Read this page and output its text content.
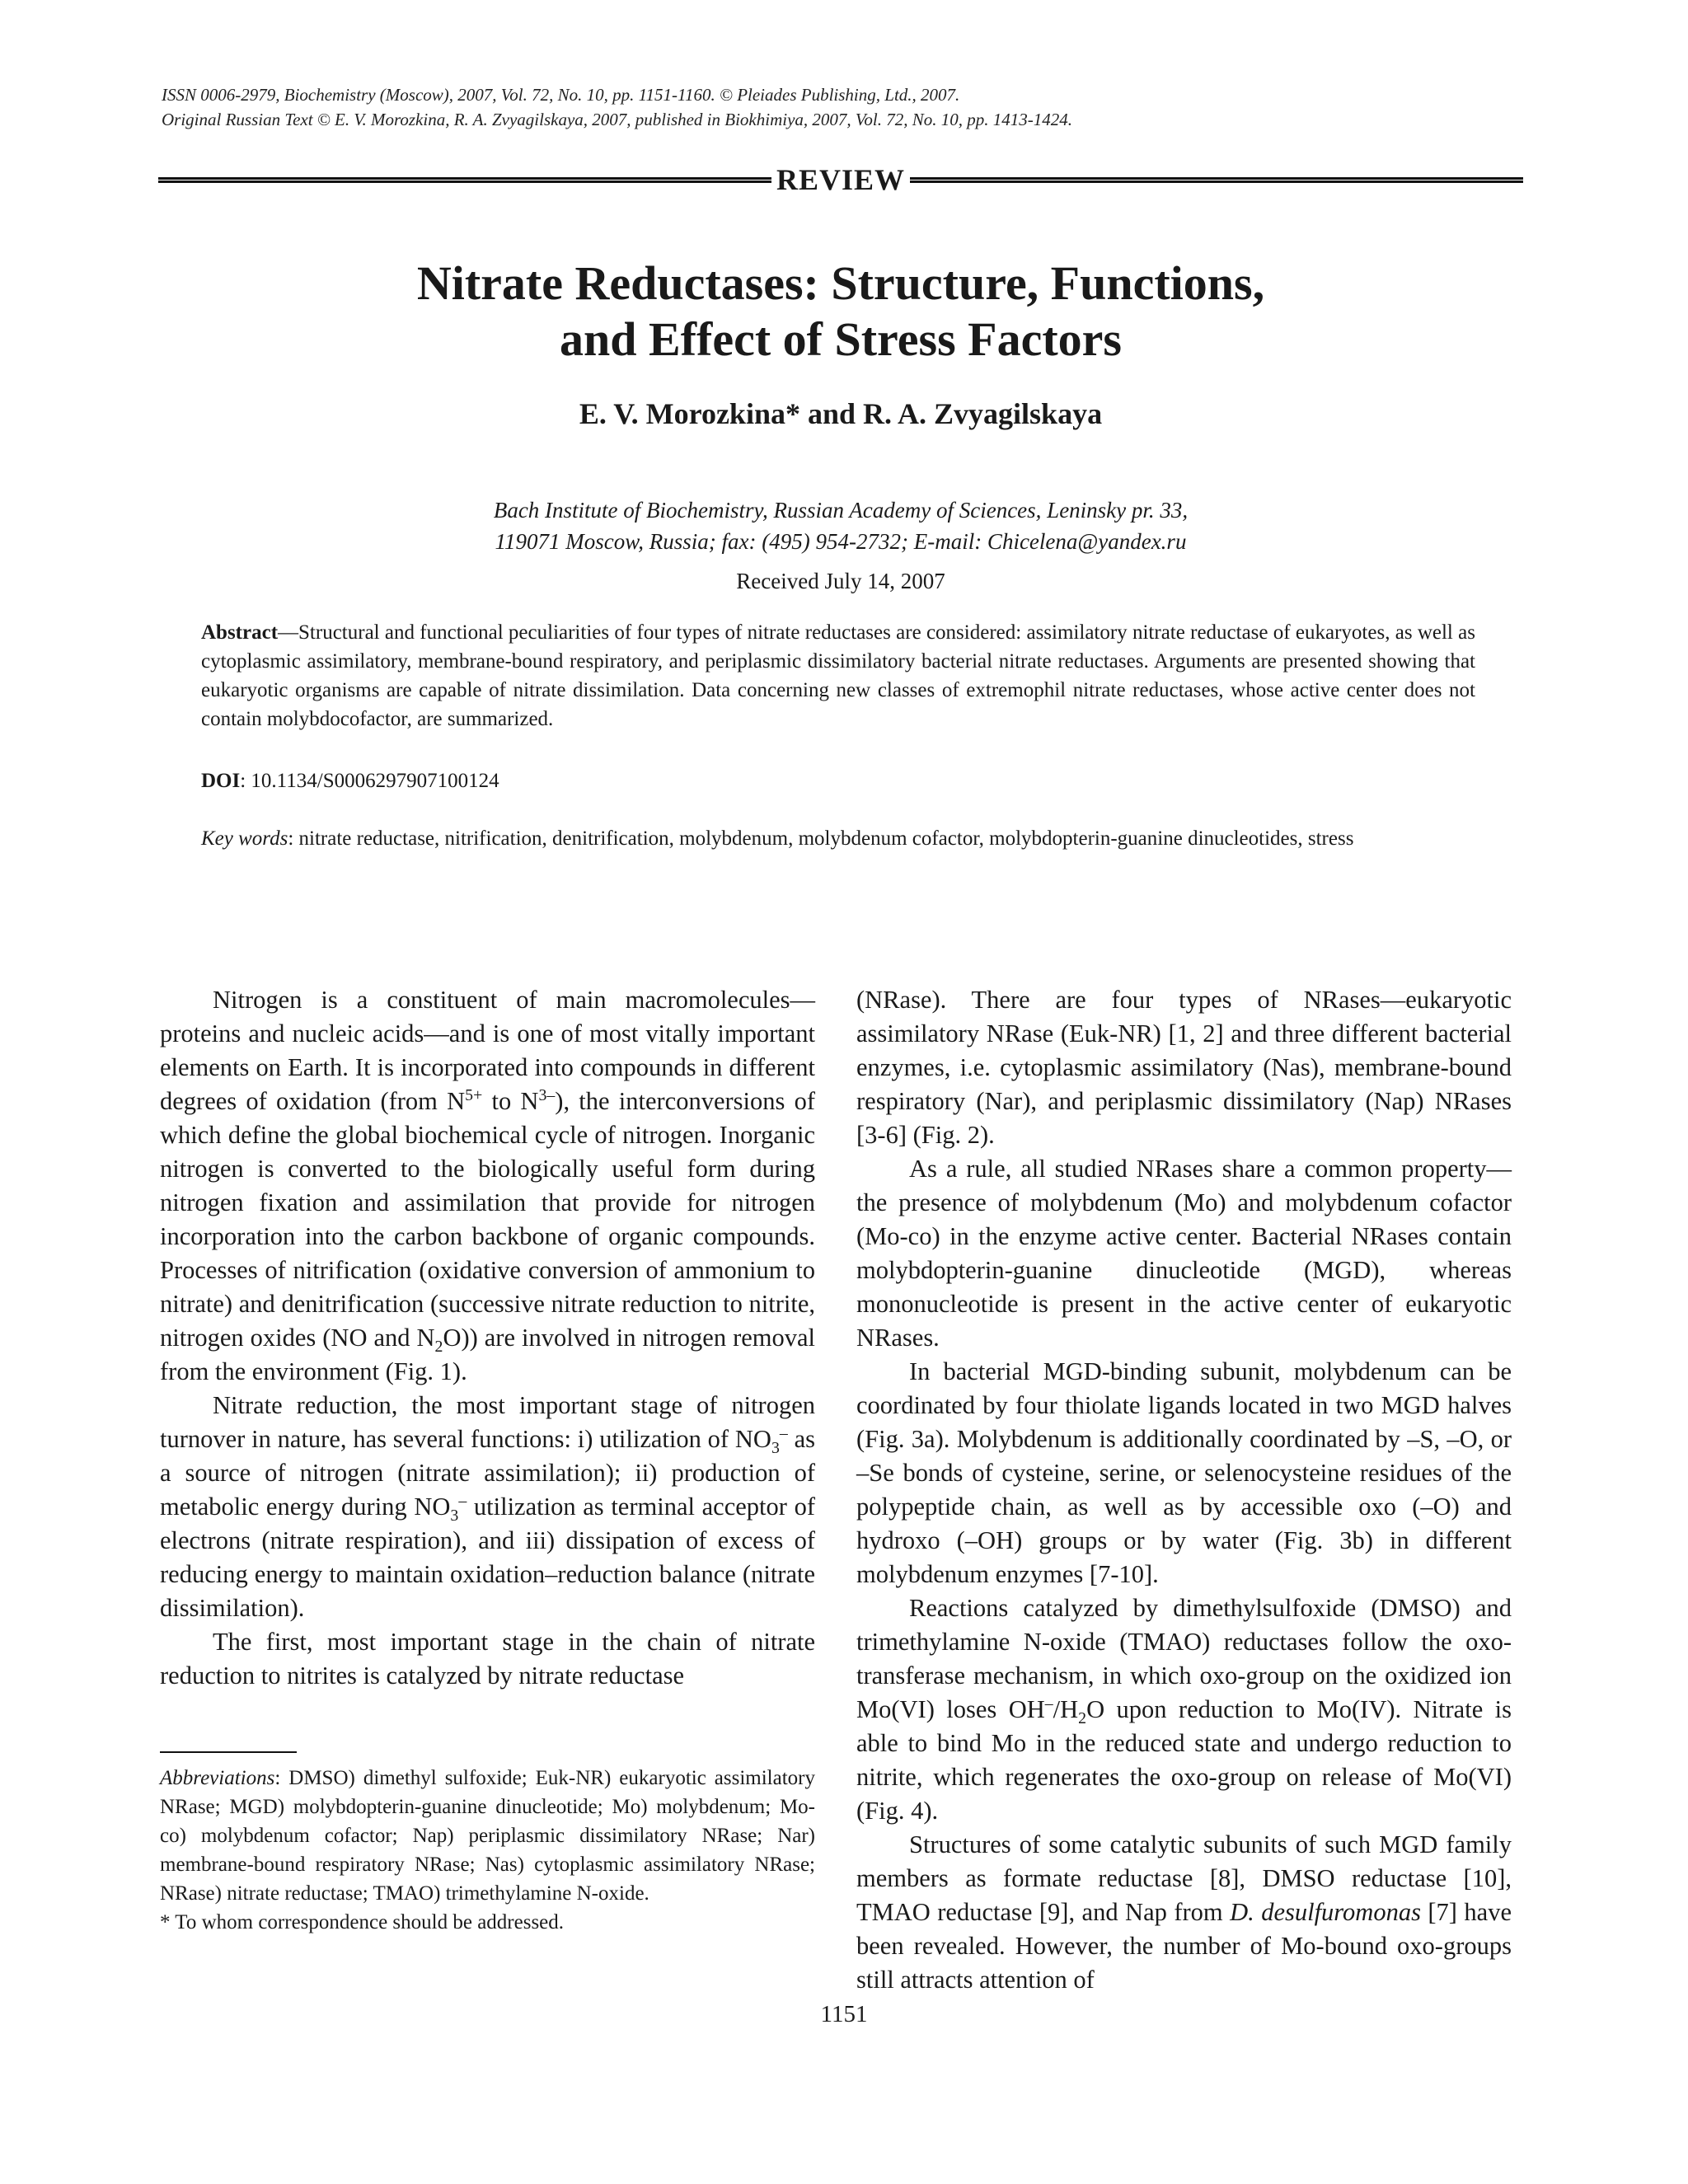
ISSN 0006-2979, Biochemistry (Moscow), 2007, Vol. 72, No. 10, pp. 1151-1160. © Pleiades Publishing, Ltd., 2007.
Original Russian Text © E. V. Morozkina, R. A. Zvyagilskaya, 2007, published in Biokhimiya, 2007, Vol. 72, No. 10, pp. 1413-1424.
REVIEW
Nitrate Reductases: Structure, Functions,
and Effect of Stress Factors
E. V. Morozkina* and R. A. Zvyagilskaya
Bach Institute of Biochemistry, Russian Academy of Sciences, Leninsky pr. 33,
119071 Moscow, Russia; fax: (495) 954-2732; E-mail: Chicelena@yandex.ru
Received July 14, 2007
Abstract—Structural and functional peculiarities of four types of nitrate reductases are considered: assimilatory nitrate reductase of eukaryotes, as well as cytoplasmic assimilatory, membrane-bound respiratory, and periplasmic dissimilatory bacterial nitrate reductases. Arguments are presented showing that eukaryotic organisms are capable of nitrate dissimilation. Data concerning new classes of extremophil nitrate reductases, whose active center does not contain molybdocofactor, are summarized.
DOI: 10.1134/S0006297907100124
Key words: nitrate reductase, nitrification, denitrification, molybdenum, molybdenum cofactor, molybdopterin-guanine dinucleotides, stress

Nitrogen is a constituent of main macromolecules—proteins and nucleic acids—and is one of most vitally important elements on Earth. It is incorporated into compounds in different degrees of oxidation (from $N^{5+}$ to $N^{3-}$), the interconversions of which define the global biochemical cycle of nitrogen. Inorganic nitrogen is converted to the biologically useful form during nitrogen fixation and assimilation that provide for nitrogen incorporation into the carbon backbone of organic compounds. Processes of nitrification (oxidative conversion of ammonium to nitrate) and denitrification (successive nitrate reduction to nitrite, nitrogen oxides (NO and $N_2O$)) are involved in nitrogen removal from the environment (Fig. 1).

Nitrate reduction, the most important stage of nitrogen turnover in nature, has several functions: i) utilization of $NO_3^-$ as a source of nitrogen (nitrate assimilation); ii) production of metabolic energy during $NO_3^-$ utilization as terminal acceptor of electrons (nitrate respiration), and iii) dissipation of excess of reducing energy to maintain oxidation–reduction balance (nitrate dissimilation).

The first, most important stage in the chain of nitrate reduction to nitrites is catalyzed by nitrate reductase

Abbreviations: DMSO) dimethyl sulfoxide; Euk-NR) eukaryotic assimilatory NRase; MGD) molybdopterin-guanine dinucleotide; Mo) molybdenum; Mo-co) molybdenum cofactor; Nap) periplasmic dissimilatory NRase; Nar) membrane-bound respiratory NRase; Nas) cytoplasmic assimilatory NRase; NRase) nitrate reductase; TMAO) trimethylamine N-oxide.

* To whom correspondence should be addressed.

(NRase). There are four types of NRases—eukaryotic assimilatory NRase (Euk-NR) [1, 2] and three different bacterial enzymes, i.e. cytoplasmic assimilatory (Nas), membrane-bound respiratory (Nar), and periplasmic dissimilatory (Nap) NRases [3-6] (Fig. 2).

As a rule, all studied NRases share a common property—the presence of molybdenum (Mo) and molybdenum cofactor (Mo-co) in the enzyme active center. Bacterial NRases contain molybdopterin-guanine dinucleotide (MGD), whereas mononucleotide is present in the active center of eukaryotic NRases.

In bacterial MGD-binding subunit, molybdenum can be coordinated by four thiolate ligands located in two MGD halves (Fig. 3a). Molybdenum is additionally coordinated by –S, –O, or –Se bonds of cysteine, serine, or selenocysteine residues of the polypeptide chain, as well as by accessible oxo (–O) and hydroxo (–OH) groups or by water (Fig. 3b) in different molybdenum enzymes [7-10].

Reactions catalyzed by dimethylsulfoxide (DMSO) and trimethylamine N-oxide (TMAO) reductases follow the oxo-transferase mechanism, in which oxo-group on the oxidized ion Mo(VI) loses $OH^-/H_2O$ upon reduction to Mo(IV). Nitrate is able to bind Mo in the reduced state and undergo reduction to nitrite, which regenerates the oxo-group on release of Mo(VI) (Fig. 4).

Structures of some catalytic subunits of such MGD family members as formate reductase [8], DMSO reductase [10], TMAO reductase [9], and Nap from D. desulfuromonas [7] have been revealed. However, the number of Mo-bound oxo-groups still attracts attention of

1151
